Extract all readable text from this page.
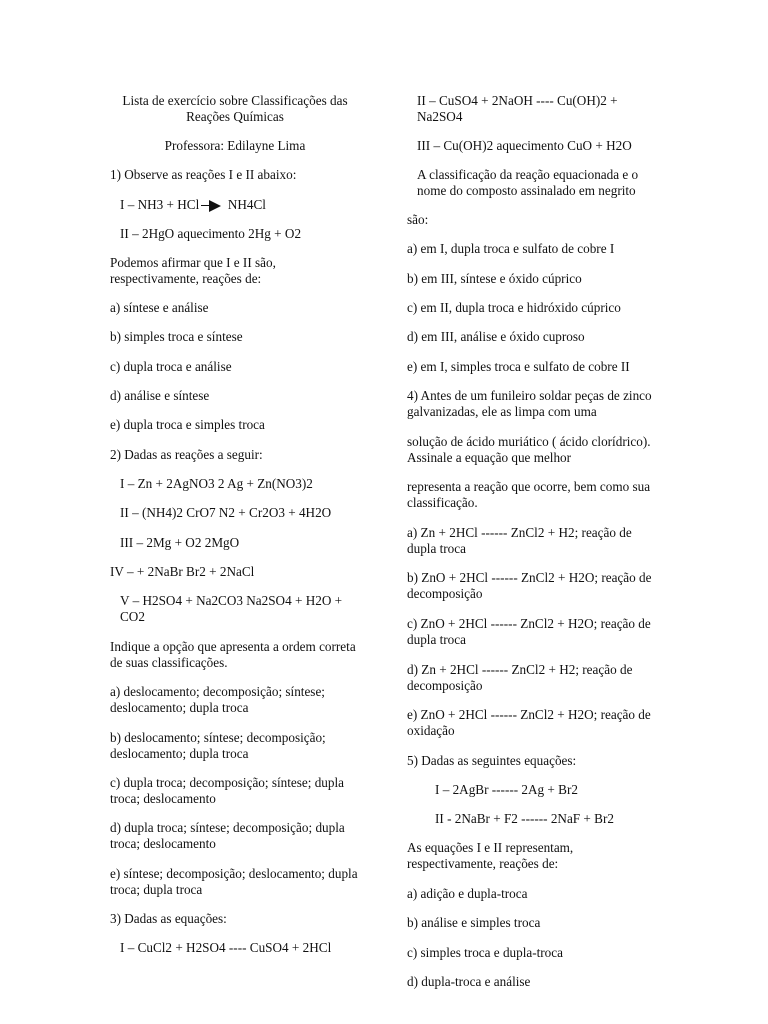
Lista de exercício sobre Classificações das

Reações Químicas

Professora: Edilayne Lima

1) Observe as reações I e II abaixo:

I – NH3 + HCl NH4Cl

II – 2HgO aquecimento 2Hg + O2

Podemos afirmar que I e II são, respectivamente, reações de:

a) síntese e análise

b) simples troca e síntese

c) dupla troca e análise

d) análise e síntese

e) dupla troca e simples troca

2) Dadas as reações a seguir:

I – Zn + 2AgNO3 2 Ag + Zn(NO3)2

II – (NH4)2 CrO7 N2 + Cr2O3 + 4H2O

III – 2Mg + O2 2MgO

IV – + 2NaBr Br2 + 2NaCl

V – H2SO4 + Na2CO3 Na2SO4 + H2O + CO2

Indique a opção que apresenta a ordem correta de suas classificações.

a) deslocamento; decomposição; síntese; deslocamento; dupla troca

b) deslocamento; síntese; decomposição; deslocamento; dupla troca

c) dupla troca; decomposição; síntese; dupla troca; deslocamento

d) dupla troca; síntese; decomposição; dupla troca; deslocamento

e) síntese; decomposição; deslocamento; dupla troca; dupla troca

3) Dadas as equações:

I – CuCl2 + H2SO4 ---- CuSO4 + 2HCl

II – CuSO4 + 2NaOH ---- Cu(OH)2 + Na2SO4

III – Cu(OH)2 aquecimento CuO + H2O

A classificação da reação equacionada e o nome do composto assinalado em negrito

são:

a) em I, dupla troca e sulfato de cobre I

b) em III, síntese e óxido cúprico

c) em II, dupla troca e hidróxido cúprico

d) em III, análise e óxido cuproso

e) em I, simples troca e sulfato de cobre II

4) Antes de um funileiro soldar peças de zinco galvanizadas, ele as limpa com uma

solução de ácido muriático ( ácido clorídrico). Assinale a equação que melhor

representa a reação que ocorre, bem como sua classificação.

a) Zn + 2HCl ------ ZnCl2 + H2; reação de dupla troca

b) ZnO + 2HCl ------ ZnCl2 + H2O; reação de decomposição

c) ZnO + 2HCl ------ ZnCl2 + H2O; reação de dupla troca

d) Zn + 2HCl ------ ZnCl2 + H2; reação de decomposição

e) ZnO + 2HCl ------ ZnCl2 + H2O; reação de oxidação

5) Dadas as seguintes equações:

I – 2AgBr ------ 2Ag + Br2

II - 2NaBr + F2 ------ 2NaF + Br2

As equações I e II representam, respectivamente, reações de:

a) adição e dupla-troca

b) análise e simples troca

c) simples troca e dupla-troca

d) dupla-troca e análise
